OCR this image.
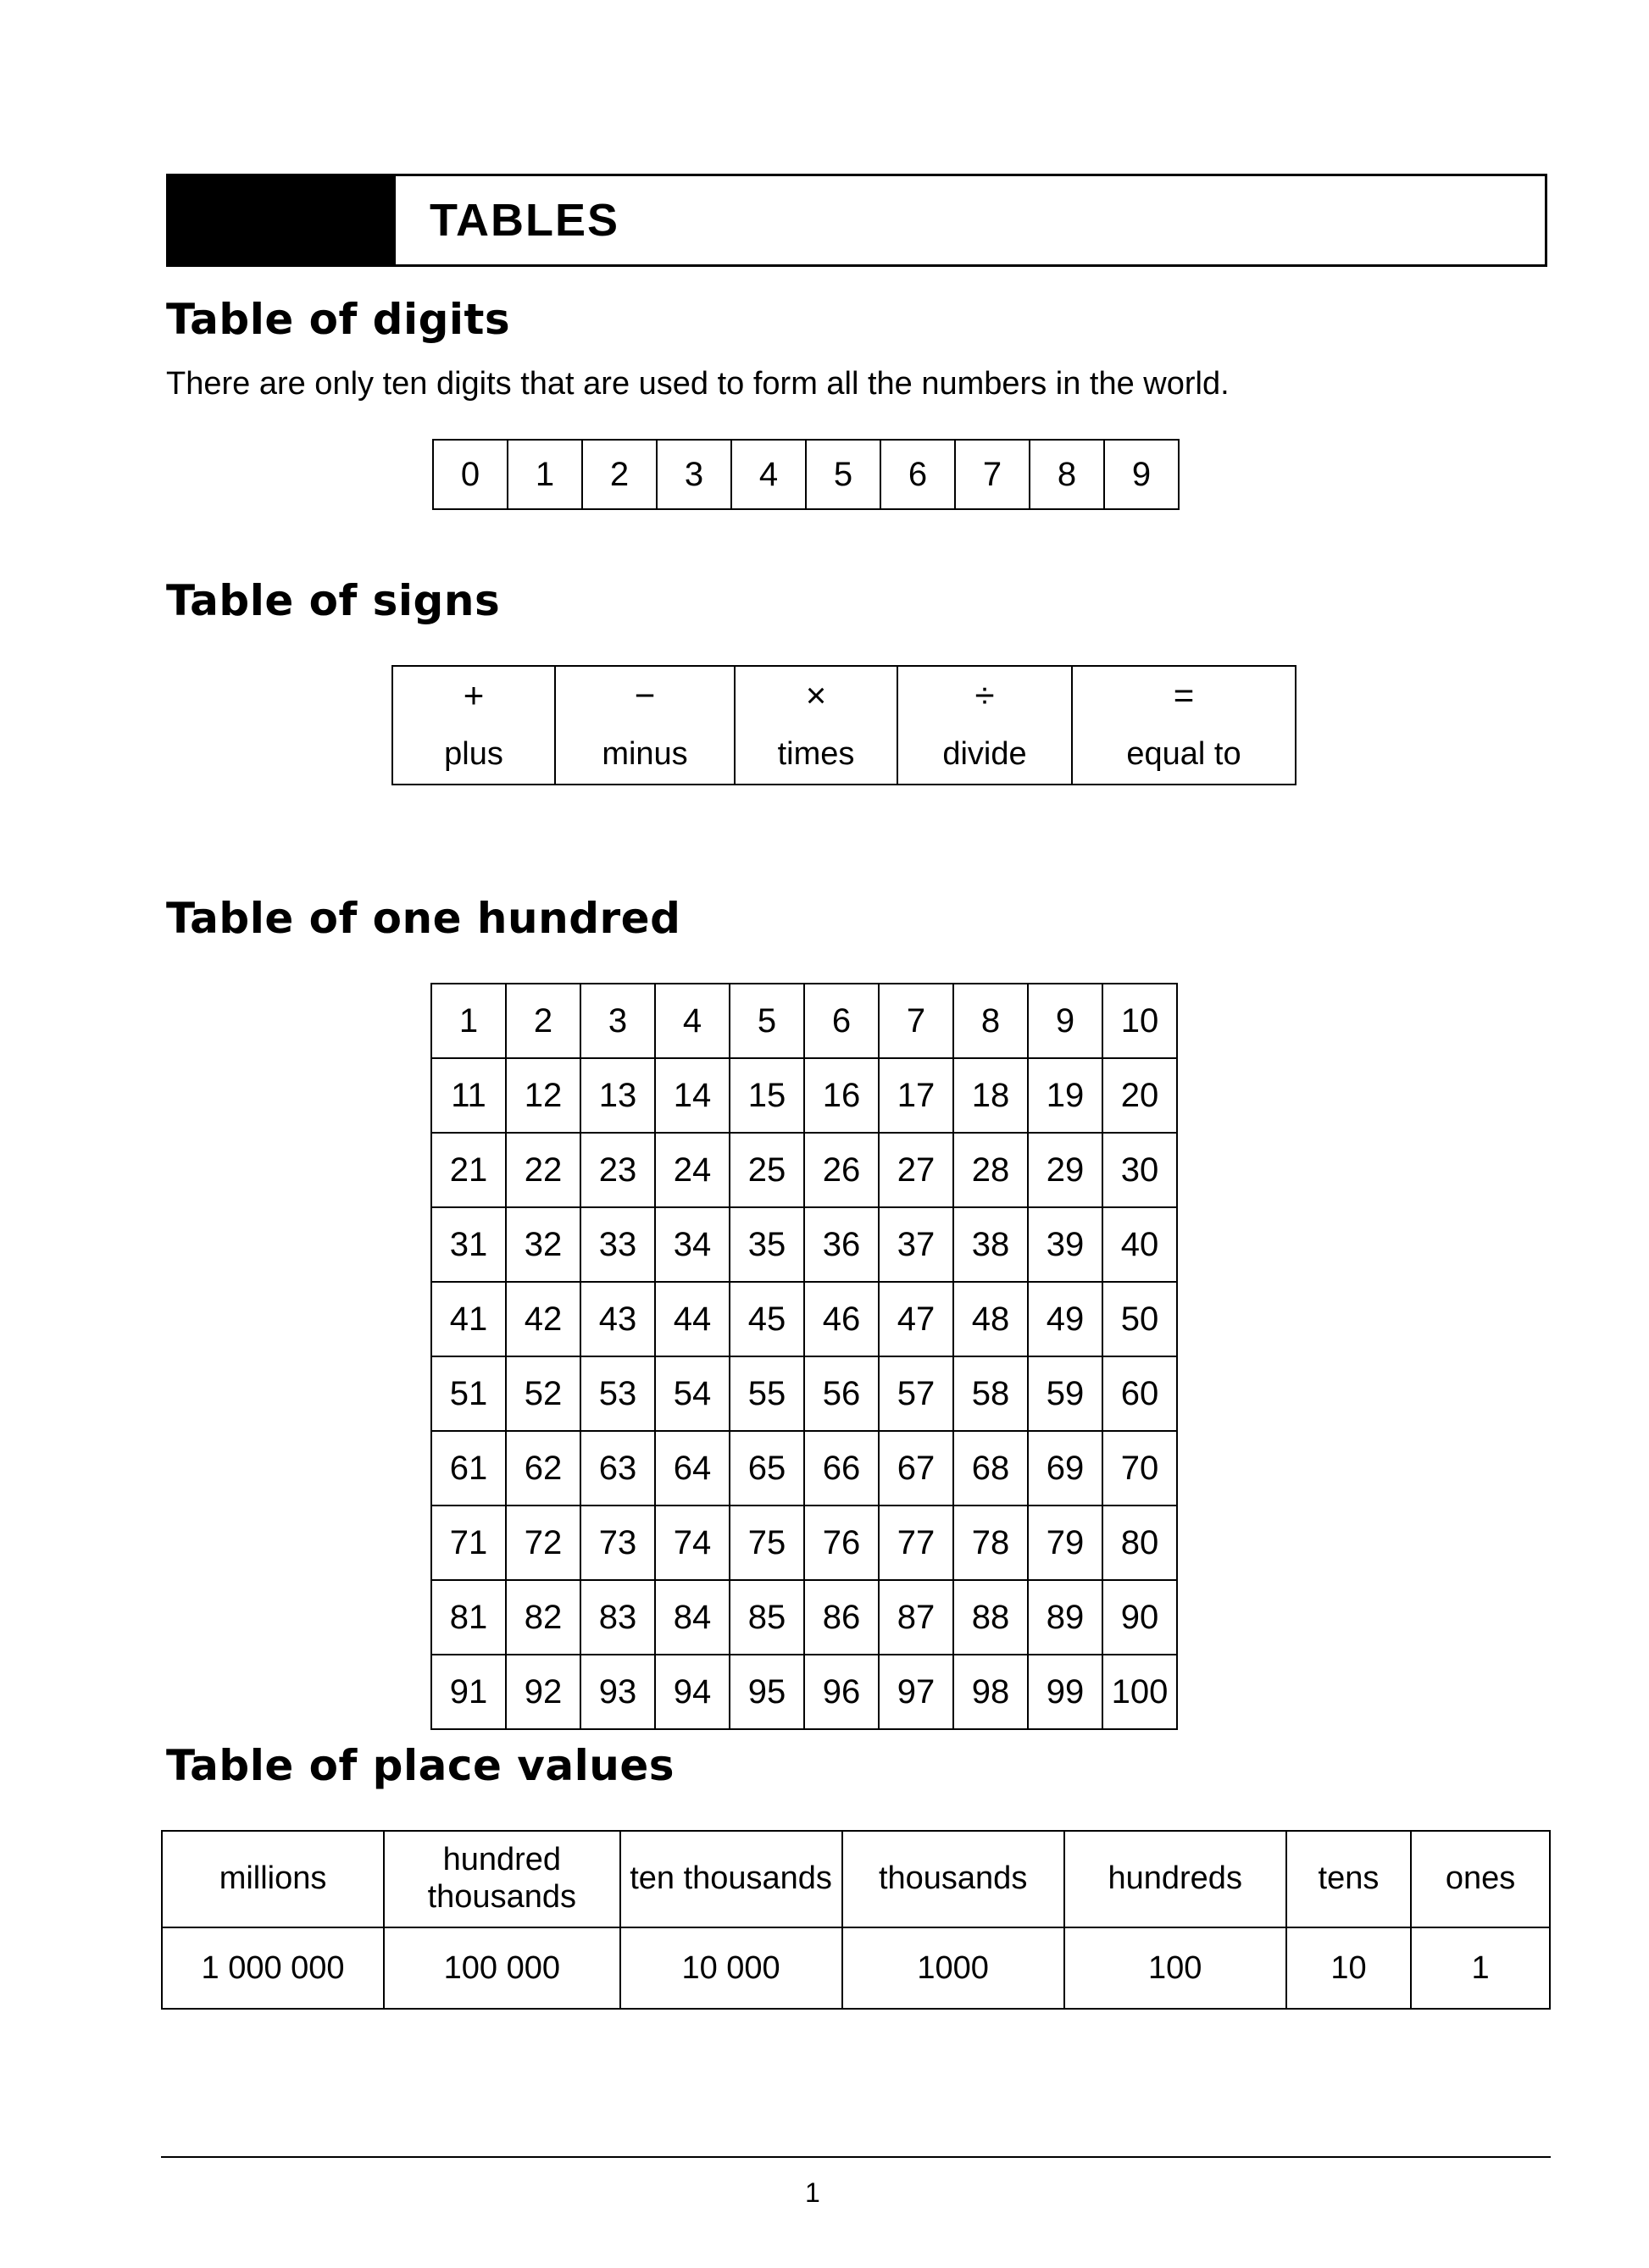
TABLES
Table of digits
There are only ten digits that are used to form all the numbers in the world.
0	1	2	3	4	5	6	7	8	9
Table of signs
+	−	×	÷	=
plus	minus	times	divide	equal to
Table of one hundred
1	2	3	4	5	6	7	8	9	10
11	12	13	14	15	16	17	18	19	20
21	22	23	24	25	26	27	28	29	30
31	32	33	34	35	36	37	38	39	40
41	42	43	44	45	46	47	48	49	50
51	52	53	54	55	56	57	58	59	60
61	62	63	64	65	66	67	68	69	70
71	72	73	74	75	76	77	78	79	80
81	82	83	84	85	86	87	88	89	90
91	92	93	94	95	96	97	98	99	100
Table of place values
millions	hundred thousands	ten thousands	thousands	hundreds	tens	ones
1 000 000	100 000	10 000	1000	100	10	1
1
